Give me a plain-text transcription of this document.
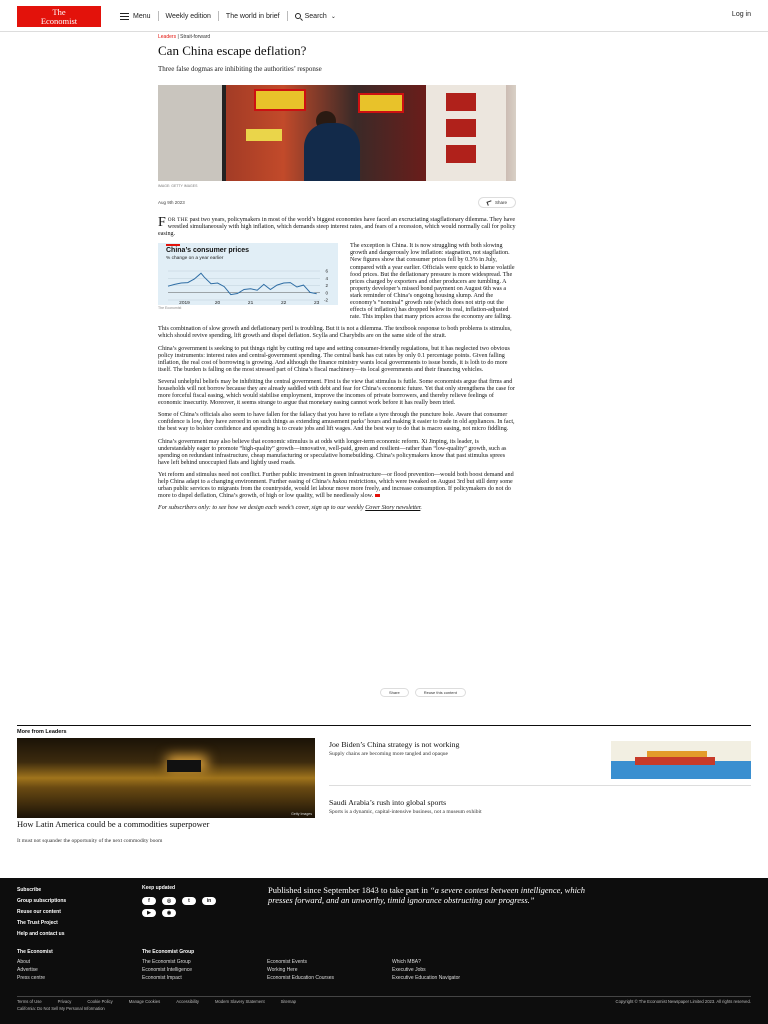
The
Economist	Menu Weekly edition The world in brief	Search ⌄	Log in
Leaders | Strait-forward
Can China escape deflation?
Three false dogmas are inhibiting the authorities’ response
IMAGE: GETTY IMAGES
Aug 9th 2023	Share

FOR THE past two years, policymakers in most of the world’s biggest economies have faced an excruciating stagflationary dilemma. They have wrestled simultaneously with high inflation, which demands steep interest rates, and fears of a recession, which would normally call for policy easing.

China’s consumer prices
% change on a year earlier
6
4
2
0
-2
2019	20	21	22	23
The Economist

The exception is China. It is now struggling with both slowing growth and dangerously low inflation: stagnation, not stagflation. New figures show that consumer prices fell by 0.3% in July, compared with a year earlier. Officials were quick to blame volatile food prices. But the deflationary pressure is more widespread. The prices charged by exporters and other producers are tumbling. A property developer’s missed bond payment on August 6th was a stark reminder of China’s ongoing housing slump. And the economy’s “nominal” growth rate (which does not strip out the effects of inflation) has dropped below its real, inflation-adjusted rate. This implies that many prices across the economy are falling.

This combination of slow growth and deflationary peril is troubling. But it is not a dilemma. The textbook response to both problems is stimulus, which should revive spending, lift growth and dispel deflation. Scylla and Charybdis are on the same side of the strait.

China’s government is seeking to put things right by cutting red tape and setting consumer-friendly regulations, but it has neglected two obvious policy instruments: interest rates and central-government spending. The central bank has cut rates by only 0.1 percentage points. Given falling inflation, the real cost of borrowing is growing. And although the finance ministry wants local governments to issue bonds, it is loth to do more itself. The burden is falling on the most stressed part of China’s fiscal machinery—its local governments and their financing vehicles.

Several unhelpful beliefs may be inhibiting the central government. First is the view that stimulus is futile. Some economists argue that firms and households will not borrow because they are already saddled with debt and fear for China’s economic future. Yet that only strengthens the case for more forceful fiscal easing, which would stabilise employment, improve the incomes of private borrowers, and thereby relieve feelings of economic insecurity. Moreover, it seems strange to argue that monetary easing cannot work before it has really been tried.

Some of China’s officials also seem to have fallen for the fallacy that you have to reflate a tyre through the puncture hole. Aware that consumer confidence is low, they have zeroed in on such things as extending amusement parks’ hours and making it easier to trade in old appliances. In fact, the best way to bolster confidence and spending is to create jobs and lift wages. And the best way to do that is macro easing, not micro fiddling.

China’s government may also believe that economic stimulus is at odds with longer-term economic reform. Xi Jinping, its leader, is understandably eager to promote “high-quality” growth—innovative, well-paid, green and resilient—rather than “low-quality” growth, such as spending on redundant infrastructure, cheap manufacturing or speculative homebuilding. China’s policymakers know that past stimulus sprees have left behind unoccupied flats and lightly used roads.

Yet reform and stimulus need not conflict. Further public investment in green infrastructure—or flood prevention—would both boost demand and help China adapt to a changing environment. Further easing of China’s hukou restrictions, which were tweaked on August 3rd but still deny some urban public services to migrants from the countryside, would let labour move more freely, and increase consumption. If policymakers do not do more to dispel deflation, China’s growth, of high or low quality, will be needlessly slow.

For subscribers only: to see how we design each week’s cover, sign up to our weekly Cover Story newsletter.

Share	Reuse this content
More from Leaders
Getty Images
How Latin America could be a commodities superpower
It must not squander the opportunity of the next commodity boom
Joe Biden’s China strategy is not working
Supply chains are becoming more tangled and opaque
Saudi Arabia’s rush into global sports
Sports is a dynamic, capital-intensive business, not a museum exhibit
Subscribe
Group subscriptions
Reuse our content
The Trust Project
Help and contact us
Keep updated
f	◎	t	in
▶	◉
Published since September 1843 to take part in “a severe contest between intelligence, which presses forward, and an unworthy, timid ignorance obstructing our progress.”
The Economist
About
Advertise
Press centre
The Economist Group
The Economist Group
Economist Intelligence
Economist Impact

Economist Events
Working Here
Economist Education Courses

Which MBA?
Executive Jobs
Executive Education Navigator
Terms of Use	Privacy	Cookie Policy	Manage Cookies	Accessibility	Modern Slavery Statement	Sitemap	Copyright © The Economist Newspaper Limited 2023. All rights reserved.
California: Do Not Sell My Personal Information
